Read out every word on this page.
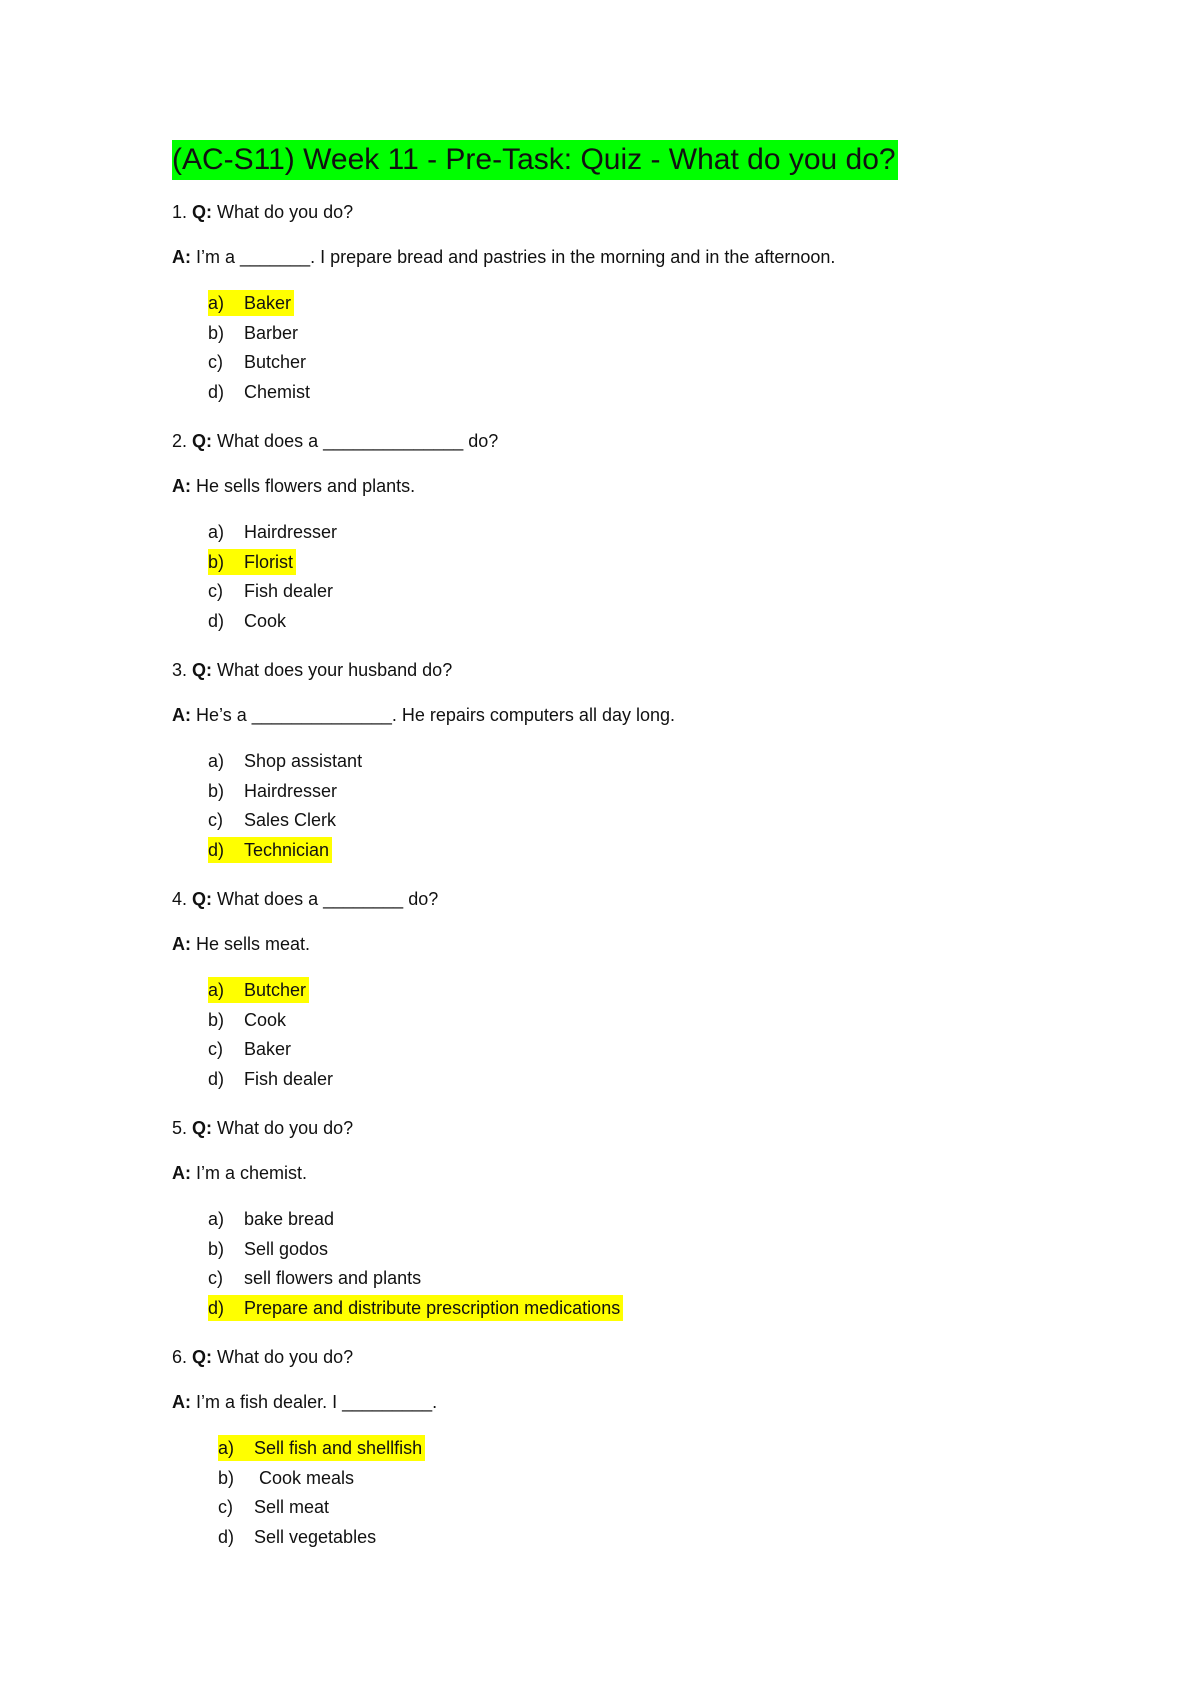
(AC-S11) Week 11 - Pre-Task: Quiz - What do you do?

1. Q: What do you do?

A: I’m a _______. I prepare bread and pastries in the morning and in the afternoon.

a) Baker
b) Barber
c) Butcher
d) Chemist

2. Q: What does a ______________ do?

A: He sells flowers and plants.

a) Hairdresser
b) Florist
c) Fish dealer
d) Cook

3. Q: What does your husband do?

A: He’s a ______________. He repairs computers all day long.

a) Shop assistant
b) Hairdresser
c) Sales Clerk
d) Technician

4. Q: What does a ________ do?

A: He sells meat.

a) Butcher
b) Cook
c) Baker
d) Fish dealer

5. Q: What do you do?

A: I’m a chemist.

a) bake bread
b) Sell godos
c) sell flowers and plants
d) Prepare and distribute prescription medications

6. Q: What do you do?

A: I’m a fish dealer. I _________.

a) Sell fish and shellfish
b) Cook meals
c) Sell meat
d) Sell vegetables
